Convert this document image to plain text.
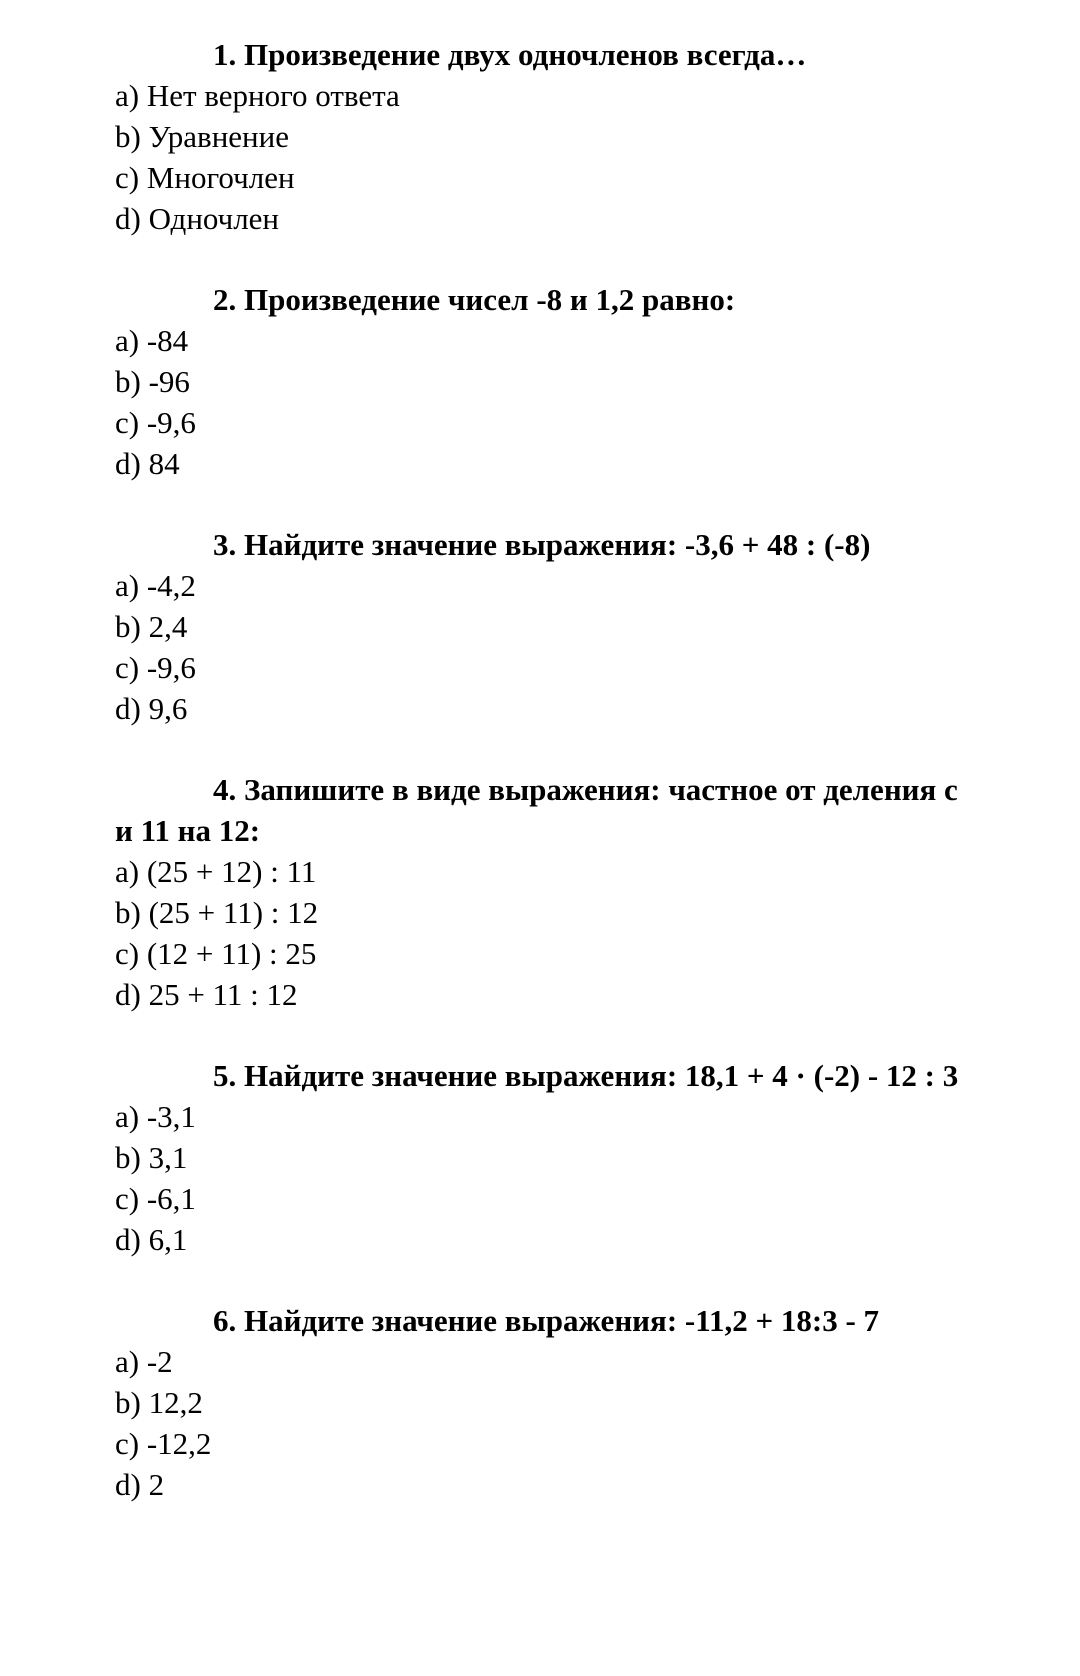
1. Произведение двух одночленов всегда…
a) Нет верного ответа
b) Уравнение
c) Многочлен
d) Одночлен
2. Произведение чисел -8 и 1,2 равно:
a) -84
b) -96
c) -9,6
d) 84
3. Найдите значение выражения: -3,6 + 48 : (-8)
a) -4,2
b) 2,4
c) -9,6
d) 9,6
4. Запишите в виде выражения: частное от деления с
и 11 на 12:
a) (25 + 12) : 11
b) (25 + 11) : 12
c) (12 + 11) : 25
d) 25 + 11 : 12
5. Найдите значение выражения: 18,1 + 4 · (-2) - 12 : 3
a) -3,1
b) 3,1
c) -6,1
d) 6,1
6. Найдите значение выражения: -11,2 + 18:3 - 7
a) -2
b) 12,2
c) -12,2
d) 2
